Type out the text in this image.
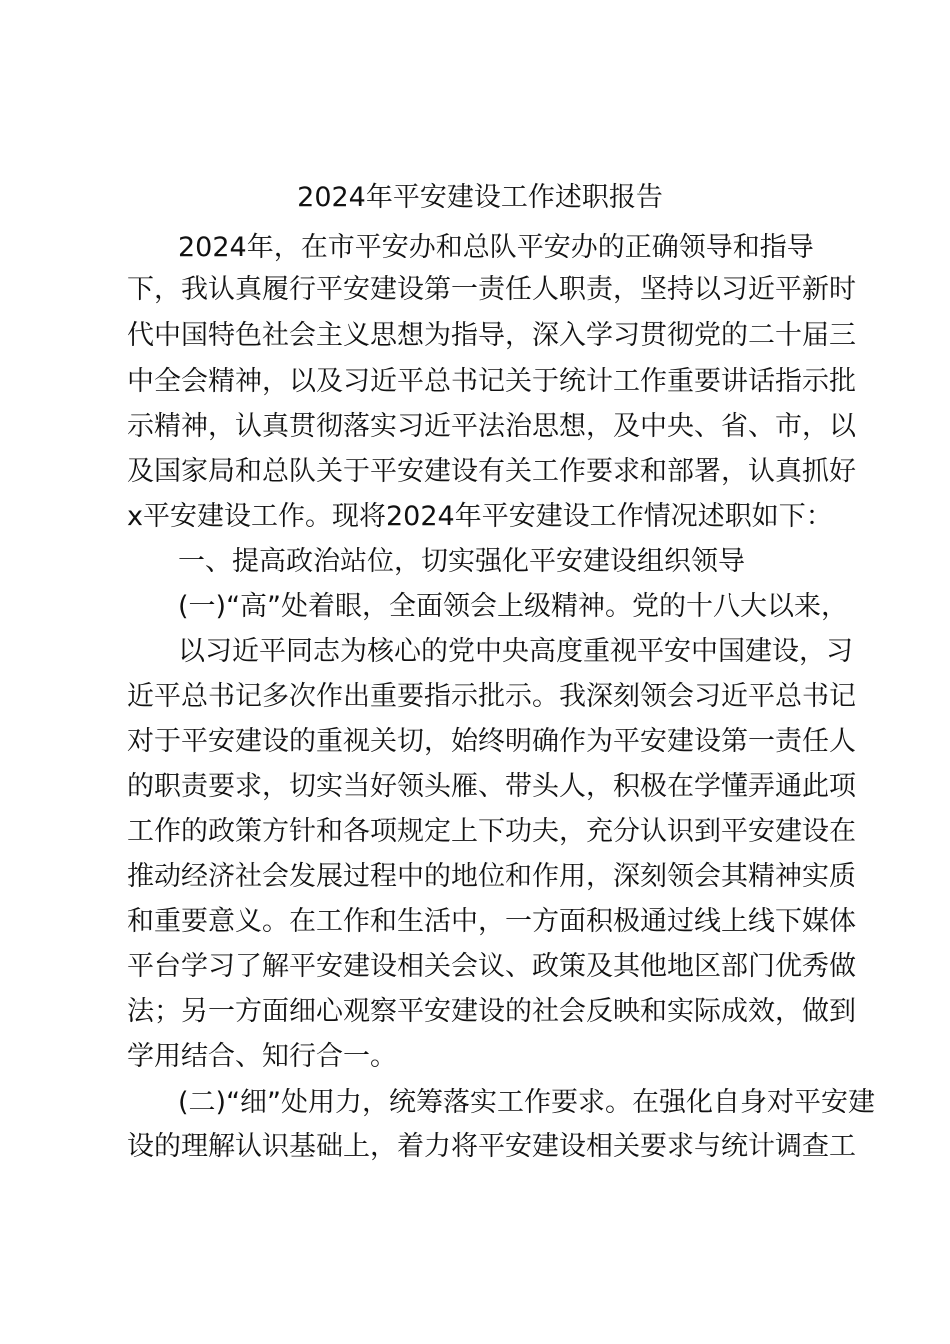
2024年平安建设工作述职报告
2024年，在市平安办和总队平安办的正确领导和指导
下，我认真履行平安建设第一责任人职责，坚持以习近平新时
代中国特色社会主义思想为指导，深入学习贯彻党的二十届三
中全会精神，以及习近平总书记关于统计工作重要讲话指示批
示精神，认真贯彻落实习近平法治思想，及中央、省、市，以
及国家局和总队关于平安建设有关工作要求和部署，认真抓好
x平安建设工作。现将2024年平安建设工作情况述职如下：
一、提高政治站位，切实强化平安建设组织领导
(一)“高”处着眼，全面领会上级精神。党的十八大以来，
以习近平同志为核心的党中央高度重视平安中国建设，习
近平总书记多次作出重要指示批示。我深刻领会习近平总书记
对于平安建设的重视关切，始终明确作为平安建设第一责任人
的职责要求，切实当好领头雁、带头人，积极在学懂弄通此项
工作的政策方针和各项规定上下功夫，充分认识到平安建设在
推动经济社会发展过程中的地位和作用，深刻领会其精神实质
和重要意义。在工作和生活中，一方面积极通过线上线下媒体
平台学习了解平安建设相关会议、政策及其他地区部门优秀做
法；另一方面细心观察平安建设的社会反映和实际成效，做到
学用结合、知行合一。
(二)“细”处用力，统筹落实工作要求。在强化自身对平安建
设的理解认识基础上，着力将平安建设相关要求与统计调查工
